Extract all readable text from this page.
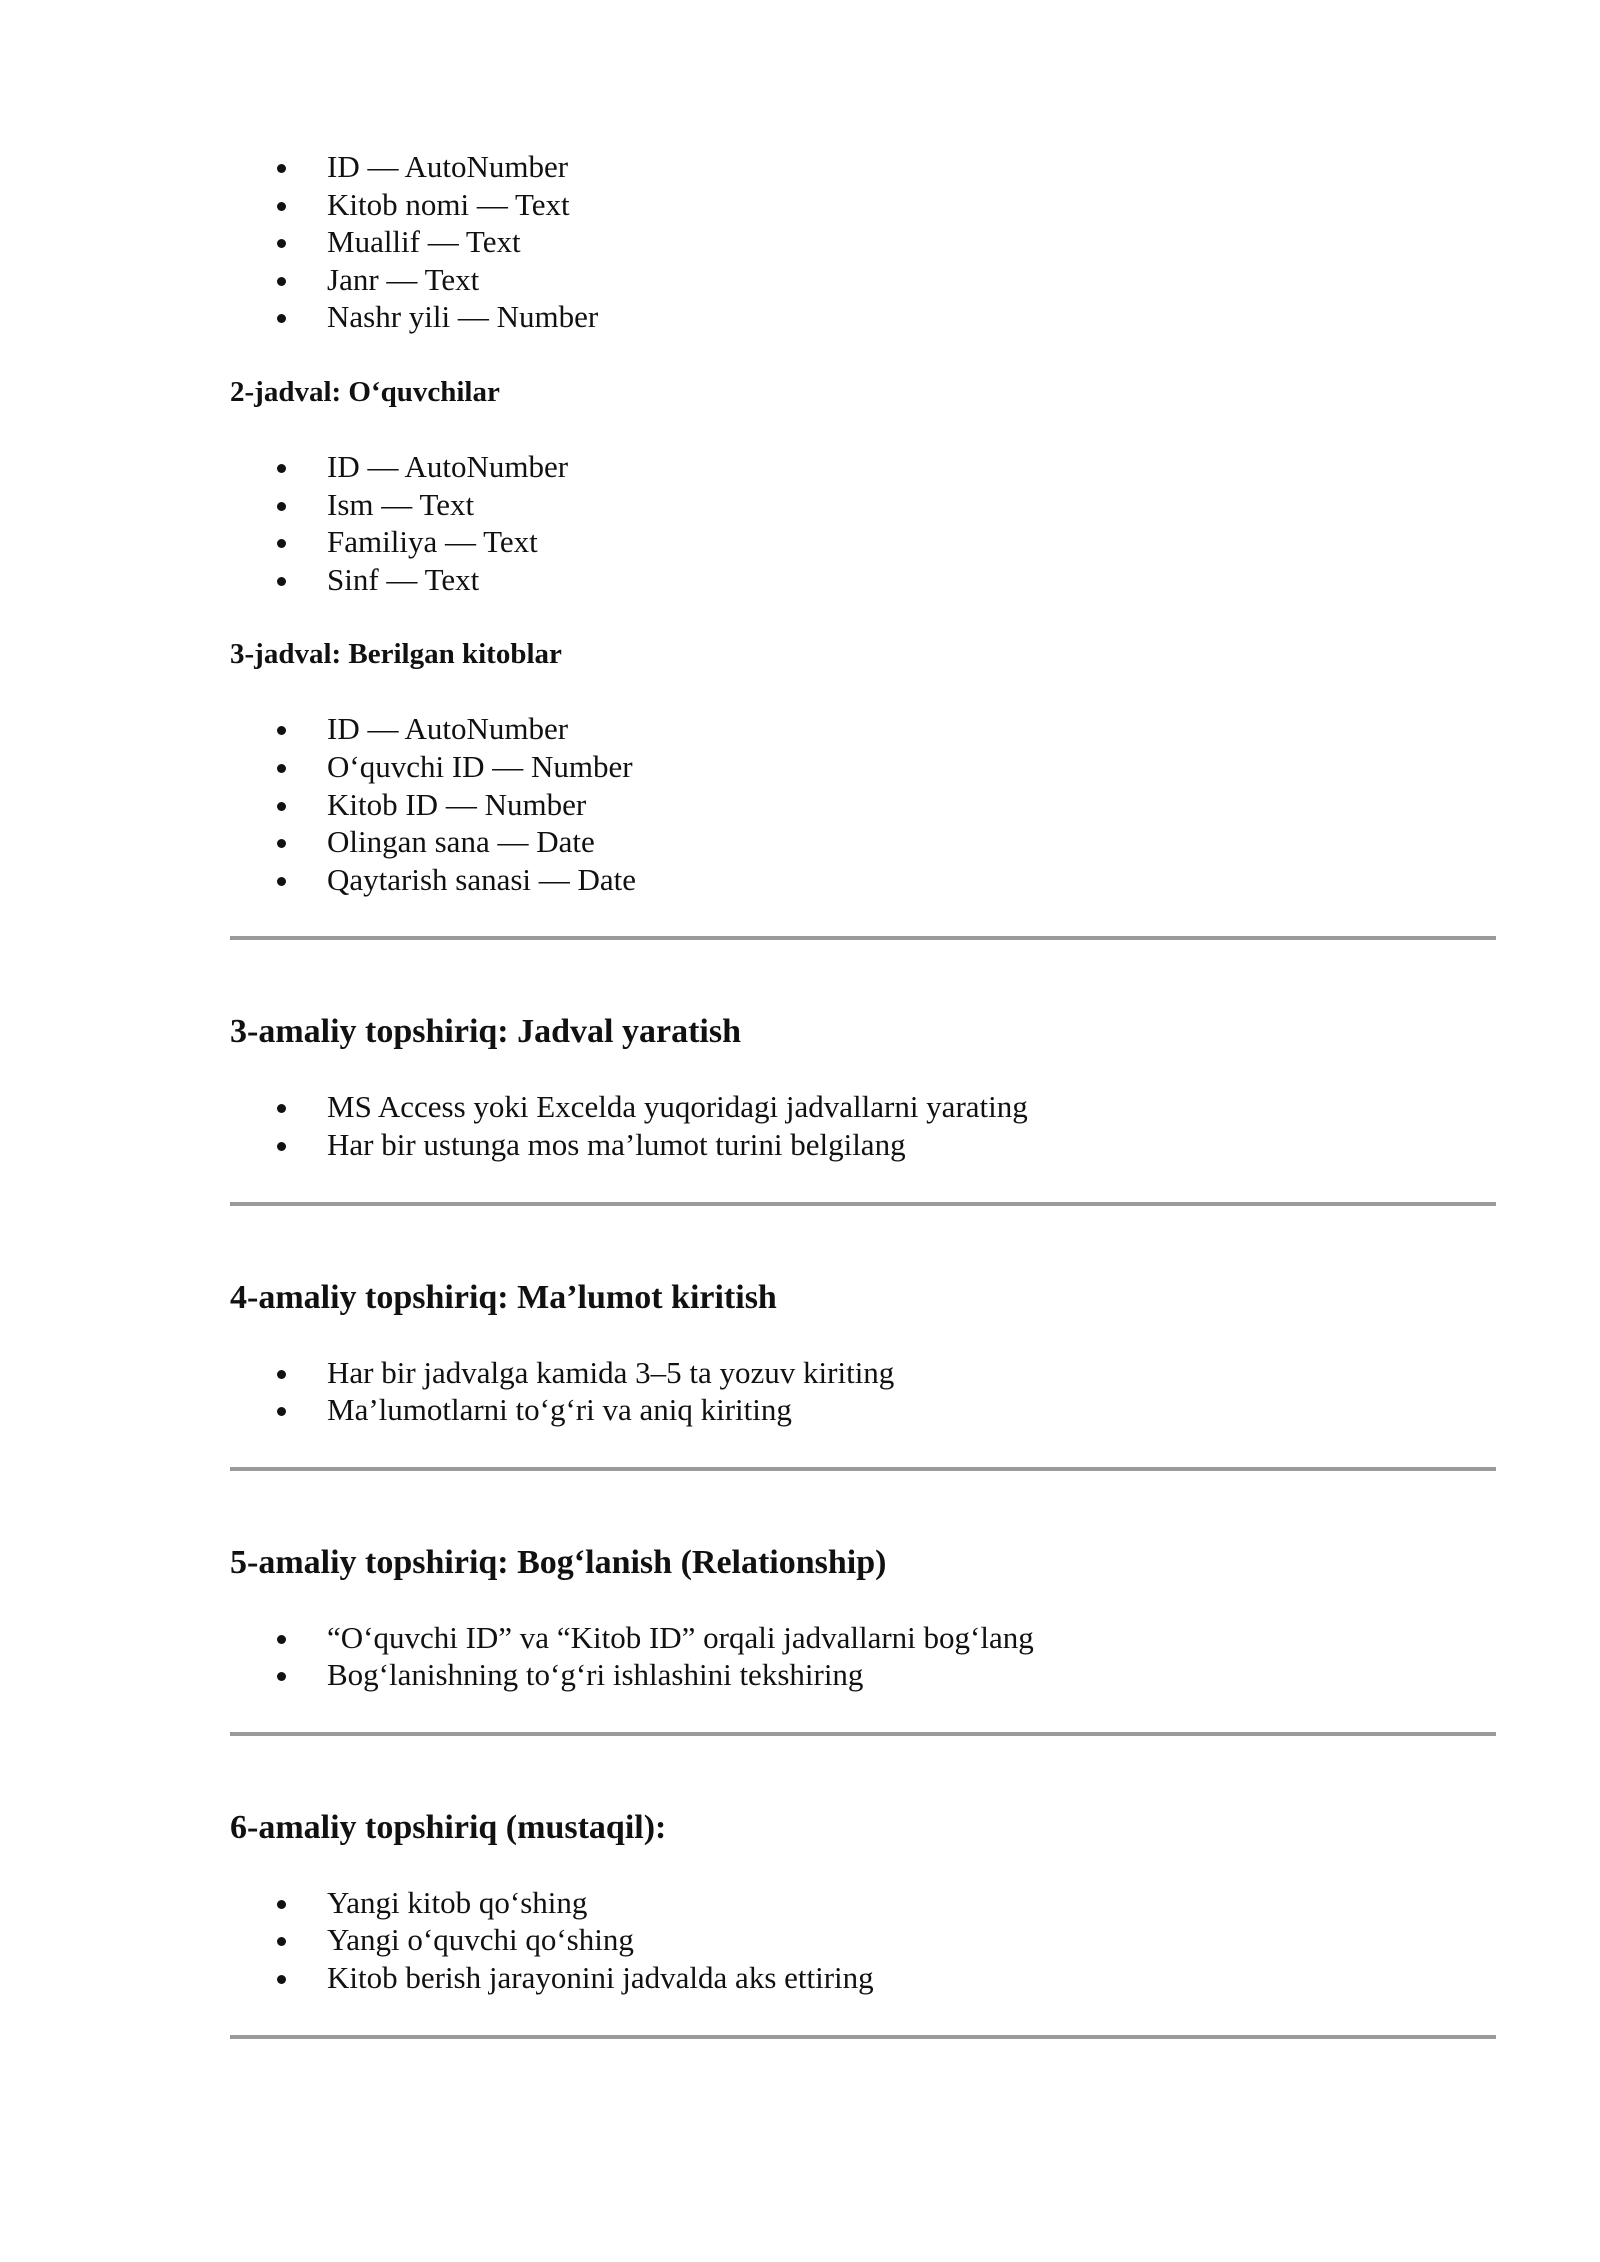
ID — AutoNumber
Kitob nomi — Text
Muallif — Text
Janr — Text
Nashr yili — Number

2-jadval: O‘quvchilar

ID — AutoNumber
Ism — Text
Familiya — Text
Sinf — Text

3-jadval: Berilgan kitoblar

ID — AutoNumber
O‘quvchi ID — Number
Kitob ID — Number
Olingan sana — Date
Qaytarish sanasi — Date
3-amaliy topshiriq: Jadval yaratish
MS Access yoki Excelda yuqoridagi jadvallarni yarating
Har bir ustunga mos ma’lumot turini belgilang
4-amaliy topshiriq: Ma’lumot kiritish
Har bir jadvalga kamida 3–5 ta yozuv kiriting
Ma’lumotlarni to‘g‘ri va aniq kiriting
5-amaliy topshiriq: Bog‘lanish (Relationship)
“O‘quvchi ID” va “Kitob ID” orqali jadvallarni bog‘lang
Bog‘lanishning to‘g‘ri ishlashini tekshiring
6-amaliy topshiriq (mustaqil):
Yangi kitob qo‘shing
Yangi o‘quvchi qo‘shing
Kitob berish jarayonini jadvalda aks ettiring
